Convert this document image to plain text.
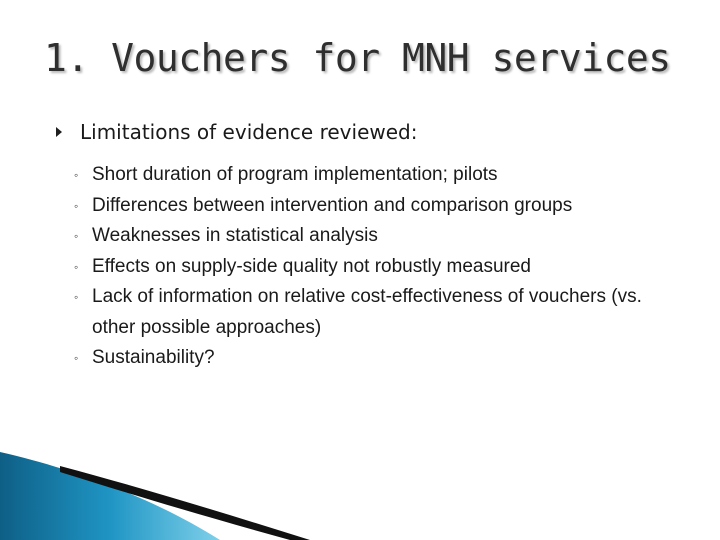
1. Vouchers for MNH services
Limitations of evidence reviewed:
◦ Short duration of program implementation; pilots
◦ Differences between intervention and comparison groups
◦ Weaknesses in statistical analysis
◦ Effects on supply-side quality not robustly measured
◦ Lack of information on relative cost-effectiveness of vouchers (vs. other possible approaches)
◦ Sustainability?
